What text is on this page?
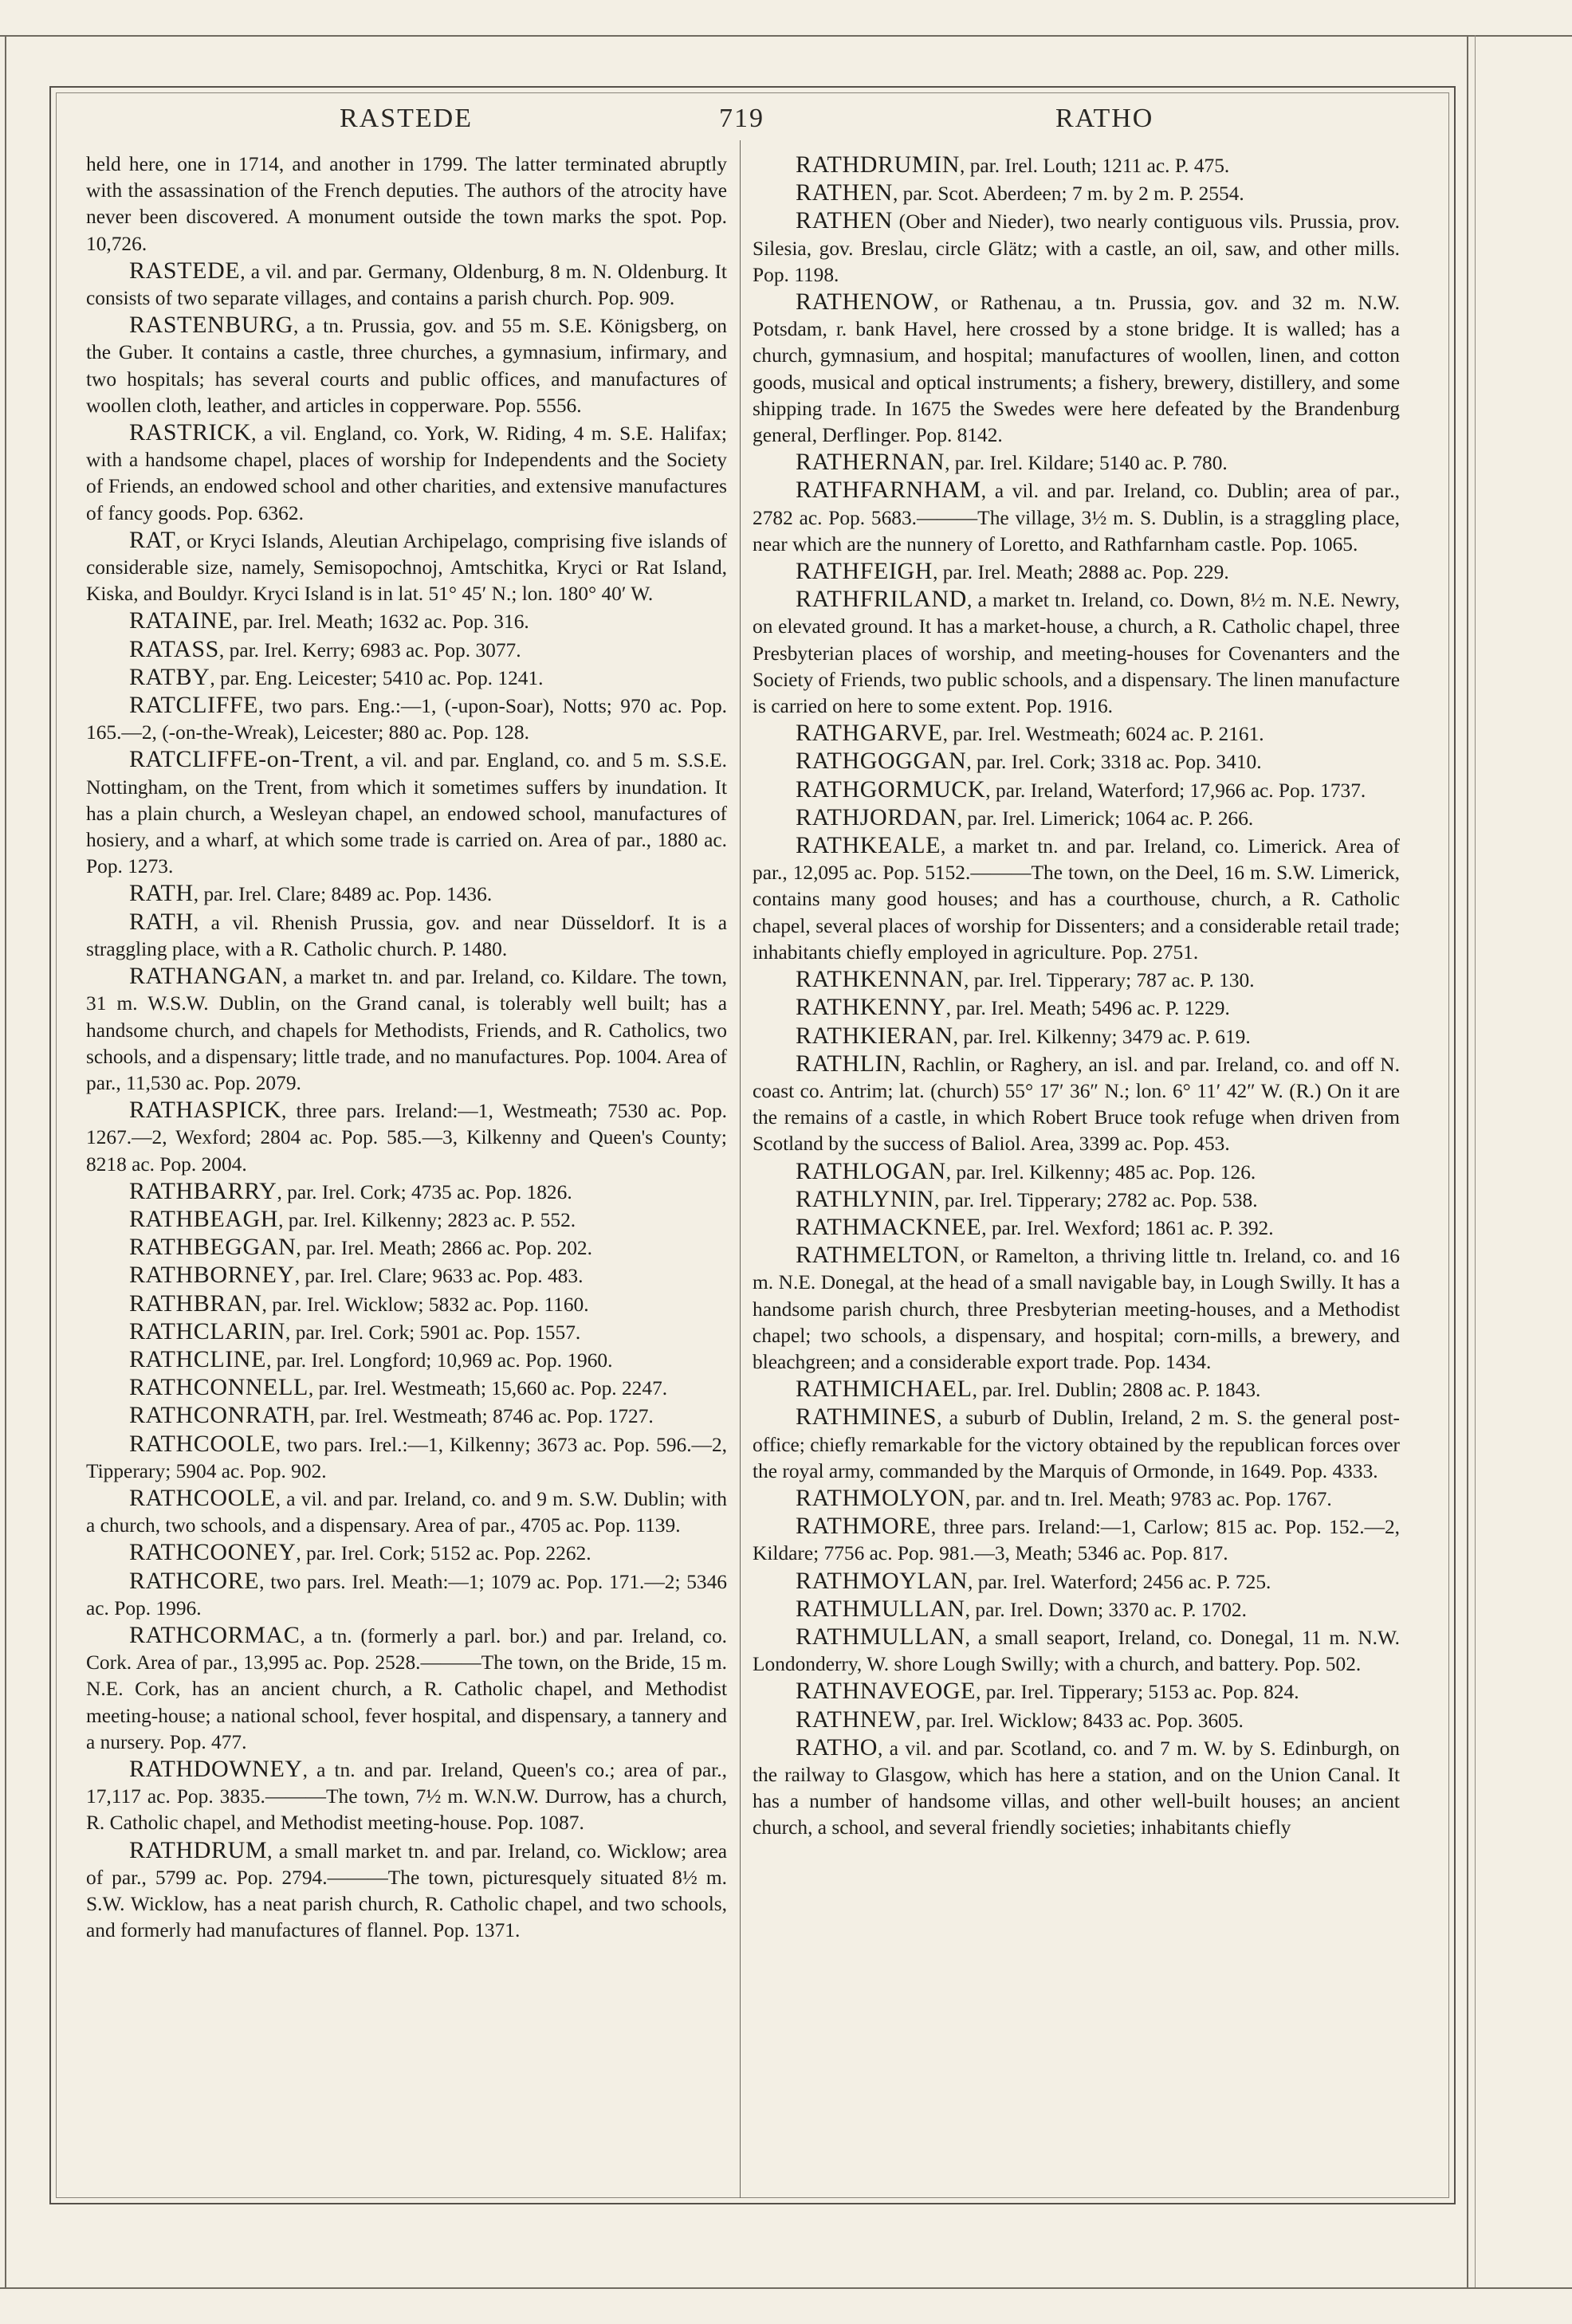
RASTEDE	719	RATHO

held here, one in 1714, and another in 1799. The latter terminated abruptly with the assassination of the French deputies. The authors of the atrocity have never been discovered. A monument outside the town marks the spot. Pop. 10,726.

RASTEDE, a vil. and par. Germany, Oldenburg, 8 m. N. Oldenburg. It consists of two separate villages, and contains a parish church. Pop. 909.

RASTENBURG, a tn. Prussia, gov. and 55 m. S.E. Königsberg, on the Guber. It contains a castle, three churches, a gymnasium, infirmary, and two hospitals; has several courts and public offices, and manufactures of woollen cloth, leather, and articles in copperware. Pop. 5556.

RASTRICK, a vil. England, co. York, W. Riding, 4 m. S.E. Halifax; with a handsome chapel, places of worship for Independents and the Society of Friends, an endowed school and other charities, and extensive manufactures of fancy goods. Pop. 6362.

RAT, or Kryci Islands, Aleutian Archipelago, comprising five islands of considerable size, namely, Semisopochnoj, Amtschitka, Kryci or Rat Island, Kiska, and Bouldyr. Kryci Island is in lat. 51° 45′ N.; lon. 180° 40′ W.

RATAINE, par. Irel. Meath; 1632 ac. Pop. 316.

RATASS, par. Irel. Kerry; 6983 ac. Pop. 3077.

RATBY, par. Eng. Leicester; 5410 ac. Pop. 1241.

RATCLIFFE, two pars. Eng.:—1, (-upon-Soar), Notts; 970 ac. Pop. 165.—2, (-on-the-Wreak), Leicester; 880 ac. Pop. 128.

RATCLIFFE-on-Trent, a vil. and par. England, co. and 5 m. S.S.E. Nottingham, on the Trent, from which it sometimes suffers by inundation. It has a plain church, a Wesleyan chapel, an endowed school, manufactures of hosiery, and a wharf, at which some trade is carried on. Area of par., 1880 ac. Pop. 1273.

RATH, par. Irel. Clare; 8489 ac. Pop. 1436.

RATH, a vil. Rhenish Prussia, gov. and near Düsseldorf. It is a straggling place, with a R. Catholic church. P. 1480.

RATHANGAN, a market tn. and par. Ireland, co. Kildare. The town, 31 m. W.S.W. Dublin, on the Grand canal, is tolerably well built; has a handsome church, and chapels for Methodists, Friends, and R. Catholics, two schools, and a dispensary; little trade, and no manufactures. Pop. 1004. Area of par., 11,530 ac. Pop. 2079.

RATHASPICK, three pars. Ireland:—1, Westmeath; 7530 ac. Pop. 1267.—2, Wexford; 2804 ac. Pop. 585.—3, Kilkenny and Queen's County; 8218 ac. Pop. 2004.

RATHBARRY, par. Irel. Cork; 4735 ac. Pop. 1826.

RATHBEAGH, par. Irel. Kilkenny; 2823 ac. P. 552.

RATHBEGGAN, par. Irel. Meath; 2866 ac. Pop. 202.

RATHBORNEY, par. Irel. Clare; 9633 ac. Pop. 483.

RATHBRAN, par. Irel. Wicklow; 5832 ac. Pop. 1160.

RATHCLARIN, par. Irel. Cork; 5901 ac. Pop. 1557.

RATHCLINE, par. Irel. Longford; 10,969 ac. Pop. 1960.

RATHCONNELL, par. Irel. Westmeath; 15,660 ac. Pop. 2247.

RATHCONRATH, par. Irel. Westmeath; 8746 ac. Pop. 1727.

RATHCOOLE, two pars. Irel.:—1, Kilkenny; 3673 ac. Pop. 596.—2, Tipperary; 5904 ac. Pop. 902.

RATHCOOLE, a vil. and par. Ireland, co. and 9 m. S.W. Dublin; with a church, two schools, and a dispensary. Area of par., 4705 ac. Pop. 1139.

RATHCOONEY, par. Irel. Cork; 5152 ac. Pop. 2262.

RATHCORE, two pars. Irel. Meath:—1; 1079 ac. Pop. 171.—2; 5346 ac. Pop. 1996.

RATHCORMAC, a tn. (formerly a parl. bor.) and par. Ireland, co. Cork. Area of par., 13,995 ac. Pop. 2528.———The town, on the Bride, 15 m. N.E. Cork, has an ancient church, a R. Catholic chapel, and Methodist meeting-house; a national school, fever hospital, and dispensary, a tannery and a nursery. Pop. 477.

RATHDOWNEY, a tn. and par. Ireland, Queen's co.; area of par., 17,117 ac. Pop. 3835.———The town, 7½ m. W.N.W. Durrow, has a church, R. Catholic chapel, and Methodist meeting-house. Pop. 1087.

RATHDRUM, a small market tn. and par. Ireland, co. Wicklow; area of par., 5799 ac. Pop. 2794.———The town, picturesquely situated 8½ m. S.W. Wicklow, has a neat parish church, R. Catholic chapel, and two schools, and formerly had manufactures of flannel. Pop. 1371.

RATHDRUMIN, par. Irel. Louth; 1211 ac. P. 475.

RATHEN, par. Scot. Aberdeen; 7 m. by 2 m. P. 2554.

RATHEN (Ober and Nieder), two nearly contiguous vils. Prussia, prov. Silesia, gov. Breslau, circle Glätz; with a castle, an oil, saw, and other mills. Pop. 1198.

RATHENOW, or Rathenau, a tn. Prussia, gov. and 32 m. N.W. Potsdam, r. bank Havel, here crossed by a stone bridge. It is walled; has a church, gymnasium, and hospital; manufactures of woollen, linen, and cotton goods, musical and optical instruments; a fishery, brewery, distillery, and some shipping trade. In 1675 the Swedes were here defeated by the Brandenburg general, Derflinger. Pop. 8142.

RATHERNAN, par. Irel. Kildare; 5140 ac. P. 780.

RATHFARNHAM, a vil. and par. Ireland, co. Dublin; area of par., 2782 ac. Pop. 5683.———The village, 3½ m. S. Dublin, is a straggling place, near which are the nunnery of Loretto, and Rathfarnham castle. Pop. 1065.

RATHFEIGH, par. Irel. Meath; 2888 ac. Pop. 229.

RATHFRILAND, a market tn. Ireland, co. Down, 8½ m. N.E. Newry, on elevated ground. It has a market-house, a church, a R. Catholic chapel, three Presbyterian places of worship, and meeting-houses for Covenanters and the Society of Friends, two public schools, and a dispensary. The linen manufacture is carried on here to some extent. Pop. 1916.

RATHGARVE, par. Irel. Westmeath; 6024 ac. P. 2161.

RATHGOGGAN, par. Irel. Cork; 3318 ac. Pop. 3410.

RATHGORMUCK, par. Ireland, Waterford; 17,966 ac. Pop. 1737.

RATHJORDAN, par. Irel. Limerick; 1064 ac. P. 266.

RATHKEALE, a market tn. and par. Ireland, co. Limerick. Area of par., 12,095 ac. Pop. 5152.———The town, on the Deel, 16 m. S.W. Limerick, contains many good houses; and has a courthouse, church, a R. Catholic chapel, several places of worship for Dissenters; and a considerable retail trade; inhabitants chiefly employed in agriculture. Pop. 2751.

RATHKENNAN, par. Irel. Tipperary; 787 ac. P. 130.

RATHKENNY, par. Irel. Meath; 5496 ac. P. 1229.

RATHKIERAN, par. Irel. Kilkenny; 3479 ac. P. 619.

RATHLIN, Rachlin, or Raghery, an isl. and par. Ireland, co. and off N. coast co. Antrim; lat. (church) 55° 17′ 36″ N.; lon. 6° 11′ 42″ W. (R.) On it are the remains of a castle, in which Robert Bruce took refuge when driven from Scotland by the success of Baliol. Area, 3399 ac. Pop. 453.

RATHLOGAN, par. Irel. Kilkenny; 485 ac. Pop. 126.

RATHLYNIN, par. Irel. Tipperary; 2782 ac. Pop. 538.

RATHMACKNEE, par. Irel. Wexford; 1861 ac. P. 392.

RATHMELTON, or Ramelton, a thriving little tn. Ireland, co. and 16 m. N.E. Donegal, at the head of a small navigable bay, in Lough Swilly. It has a handsome parish church, three Presbyterian meeting-houses, and a Methodist chapel; two schools, a dispensary, and hospital; corn-mills, a brewery, and bleachgreen; and a considerable export trade. Pop. 1434.

RATHMICHAEL, par. Irel. Dublin; 2808 ac. P. 1843.

RATHMINES, a suburb of Dublin, Ireland, 2 m. S. the general post-office; chiefly remarkable for the victory obtained by the republican forces over the royal army, commanded by the Marquis of Ormonde, in 1649. Pop. 4333.

RATHMOLYON, par. and tn. Irel. Meath; 9783 ac. Pop. 1767.

RATHMORE, three pars. Ireland:—1, Carlow; 815 ac. Pop. 152.—2, Kildare; 7756 ac. Pop. 981.—3, Meath; 5346 ac. Pop. 817.

RATHMOYLAN, par. Irel. Waterford; 2456 ac. P. 725.

RATHMULLAN, par. Irel. Down; 3370 ac. P. 1702.

RATHMULLAN, a small seaport, Ireland, co. Donegal, 11 m. N.W. Londonderry, W. shore Lough Swilly; with a church, and battery. Pop. 502.

RATHNAVEOGE, par. Irel. Tipperary; 5153 ac. Pop. 824.

RATHNEW, par. Irel. Wicklow; 8433 ac. Pop. 3605.

RATHO, a vil. and par. Scotland, co. and 7 m. W. by S. Edinburgh, on the railway to Glasgow, which has here a station, and on the Union Canal. It has a number of handsome villas, and other well-built houses; an ancient church, a school, and several friendly societies; inhabitants chiefly
